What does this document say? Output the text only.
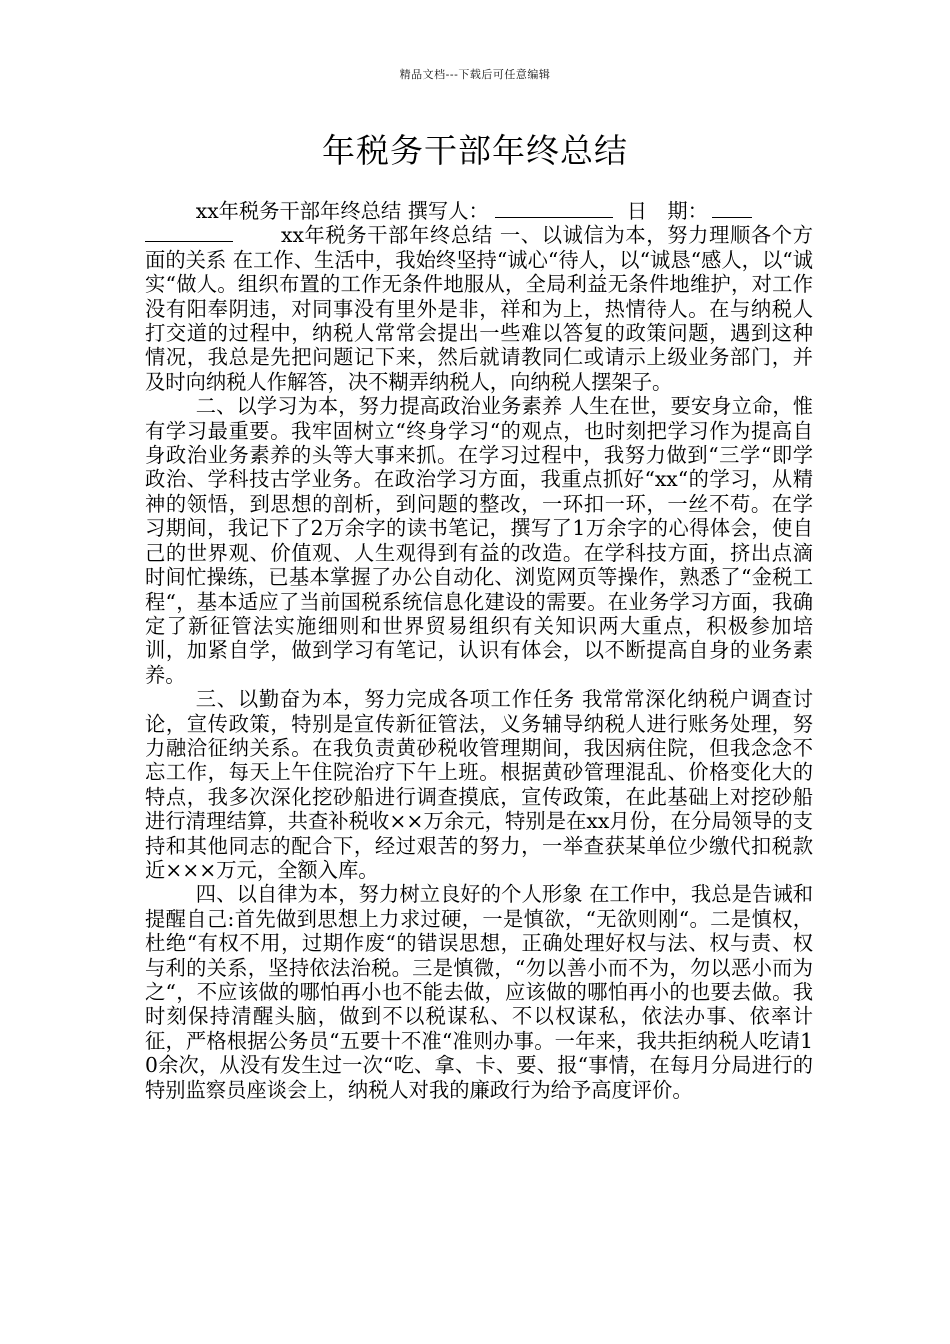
精品文档---下载后可任意编辑
年税务干部年终总结

xx年税务干部年终总结 撰写人：	日　期：

xx年税务干部年终总结 一、以诚信为本，努力理顺各个方面的关系 在工作、生活中，我始终坚持“诚心“待人，以“诚恳“感人，以“诚实“做人。组织布置的工作无条件地服从，全局利益无条件地维护，对工作没有阳奉阴违，对同事没有里外是非，祥和为上，热情待人。在与纳税人打交道的过程中，纳税人常常会提出一些难以答复的政策问题，遇到这种情况，我总是先把问题记下来，然后就请教同仁或请示上级业务部门，并及时向纳税人作解答，决不糊弄纳税人，向纳税人摆架子。

二、以学习为本，努力提高政治业务素养 人生在世，要安身立命，惟有学习最重要。我牢固树立“终身学习“的观点，也时刻把学习作为提高自身政治业务素养的头等大事来抓。在学习过程中，我努力做到“三学“即学政治、学科技古学业务。在政治学习方面，我重点抓好“xx“的学习，从精神的领悟，到思想的剖析，到问题的整改，一环扣一环，一丝不苟。在学习期间，我记下了2万余字的读书笔记，撰写了1万余字的心得体会，使自己的世界观、价值观、人生观得到有益的改造。在学科技方面，挤出点滴时间忙操练，已基本掌握了办公自动化、浏览网页等操作，熟悉了“金税工程“，基本适应了当前国税系统信息化建设的需要。在业务学习方面，我确定了新征管法实施细则和世界贸易组织有关知识两大重点，积极参加培训，加紧自学，做到学习有笔记，认识有体会，以不断提高自身的业务素养。

三、以勤奋为本，努力完成各项工作任务 我常常深化纳税户调查讨论，宣传政策，特别是宣传新征管法，义务辅导纳税人进行账务处理，努力融洽征纳关系。在我负责黄砂税收管理期间，我因病住院，但我念念不忘工作，每天上午住院治疗下午上班。根据黄砂管理混乱、价格变化大的特点，我多次深化挖砂船进行调查摸底，宣传政策，在此基础上对挖砂船进行清理结算，共查补税收××万余元，特别是在xx月份，在分局领导的支持和其他同志的配合下，经过艰苦的努力，一举查获某单位少缴代扣税款近×××万元，全额入库。

四、以自律为本，努力树立良好的个人形象 在工作中，我总是告诫和提醒自己:首先做到思想上力求过硬，一是慎欲，“无欲则刚“。二是慎权，杜绝“有权不用，过期作废“的错误思想，正确处理好权与法、权与责、权与利的关系，坚持依法治税。三是慎微，“勿以善小而不为，勿以恶小而为之“，不应该做的哪怕再小也不能去做，应该做的哪怕再小的也要去做。我时刻保持清醒头脑，做到不以税谋私、不以权谋私，依法办事、依率计征，严格根据公务员“五要十不准“准则办事。一年来，我共拒纳税人吃请10余次，从没有发生过一次“吃、拿、卡、要、报“事情，在每月分局进行的特别监察员座谈会上，纳税人对我的廉政行为给予高度评价。
